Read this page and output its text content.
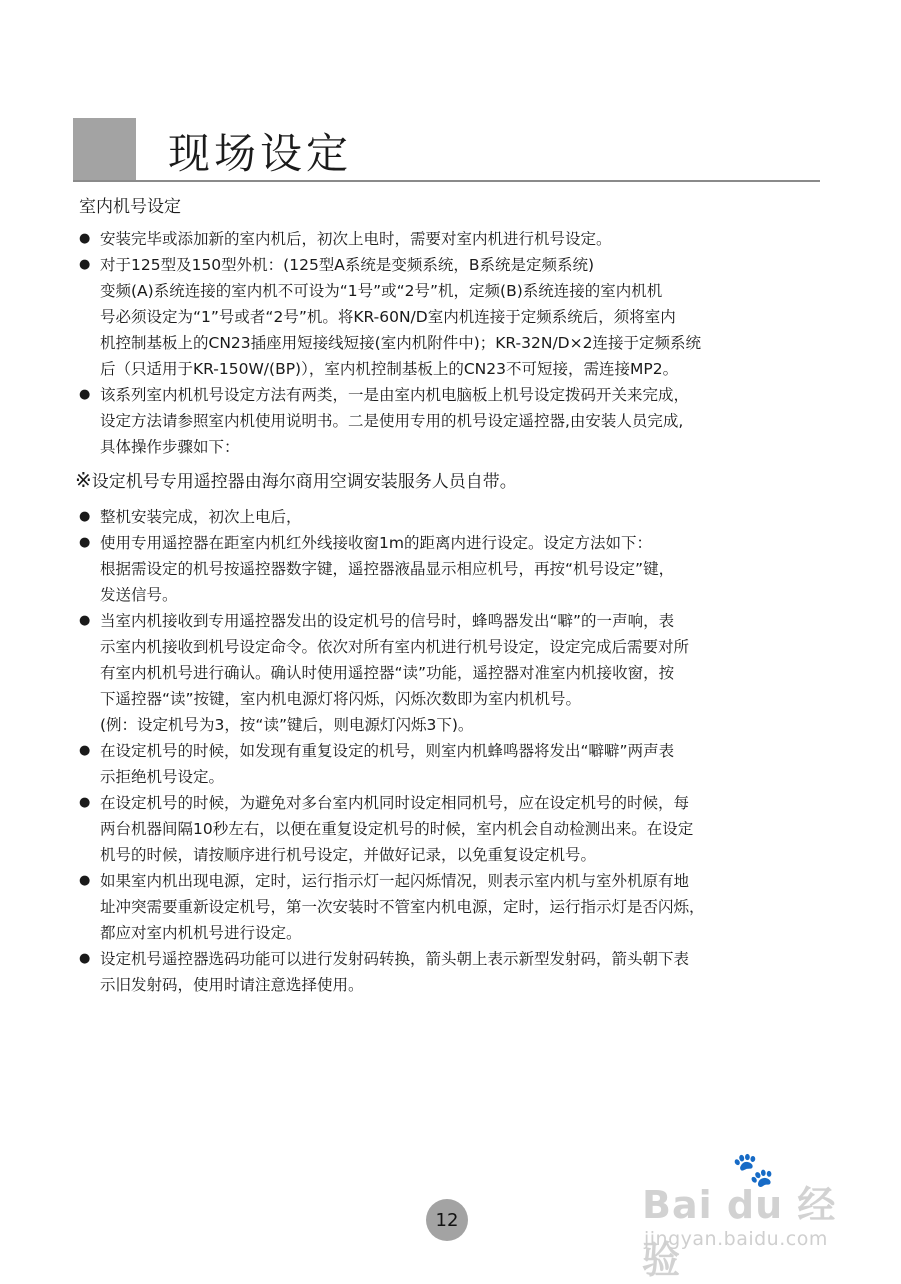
现场设定
室内机号设定
● 安装完毕或添加新的室内机后，初次上电时，需要对室内机进行机号设定。
● 对于125型及150型外机：(125型A系统是变频系统，B系统是定频系统)
变频(A)系统连接的室内机不可设为“1号”或“2号”机，定频(B)系统连接的室内机机
号必须设定为“1”号或者“2号”机。将KR-60N/D室内机连接于定频系统后，须将室内
机控制基板上的CN23插座用短接线短接(室内机附件中)；KR-32N/D×2连接于定频系统
后（只适用于KR-150W/(BP)），室内机控制基板上的CN23不可短接，需连接MP2。
● 该系列室内机机号设定方法有两类，一是由室内机电脑板上机号设定拨码开关来完成，
设定方法请参照室内机使用说明书。二是使用专用的机号设定遥控器,由安装人员完成,
具体操作步骤如下：
※设定机号专用遥控器由海尔商用空调安装服务人员自带。
● 整机安装完成，初次上电后，
● 使用专用遥控器在距室内机红外线接收窗1m的距离内进行设定。设定方法如下：
根据需设定的机号按遥控器数字键，遥控器液晶显示相应机号，再按“机号设定”键，
发送信号。
● 当室内机接收到专用遥控器发出的设定机号的信号时，蜂鸣器发出“噼”的一声响，表
示室内机接收到机号设定命令。依次对所有室内机进行机号设定，设定完成后需要对所
有室内机机号进行确认。确认时使用遥控器“读”功能，遥控器对准室内机接收窗，按
下遥控器“读”按键，室内机电源灯将闪烁，闪烁次数即为室内机机号。
(例：设定机号为3，按“读”键后，则电源灯闪烁3下)。
● 在设定机号的时候，如发现有重复设定的机号，则室内机蜂鸣器将发出“噼噼”两声表
示拒绝机号设定。
● 在设定机号的时候，为避免对多台室内机同时设定相同机号，应在设定机号的时候，每
两台机器间隔10秒左右，以便在重复设定机号的时候，室内机会自动检测出来。在设定
机号的时候，请按顺序进行机号设定，并做好记录，以免重复设定机号。
● 如果室内机出现电源，定时，运行指示灯一起闪烁情况，则表示室内机与室外机原有地
址冲突需要重新设定机号，第一次安装时不管室内机电源，定时，运行指示灯是否闪烁，
都应对室内机机号进行设定。
● 设定机号遥控器选码功能可以进行发射码转换，箭头朝上表示新型发射码，箭头朝下表
示旧发射码，使用时请注意选择使用。
12
🐾
Bai du 经验
jingyan.baidu.com
